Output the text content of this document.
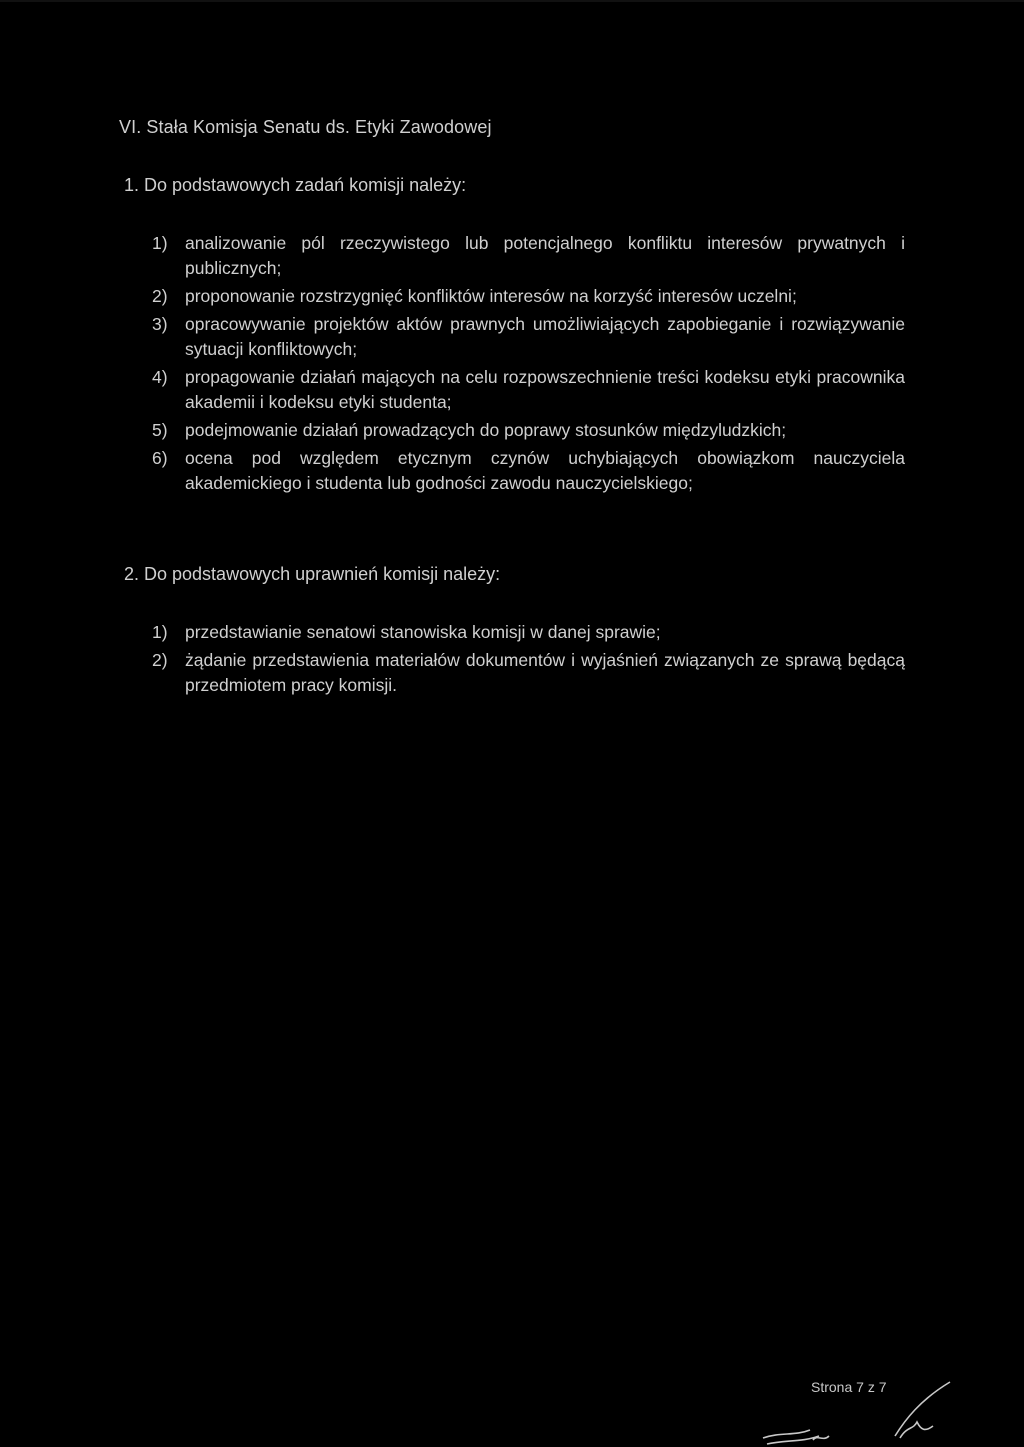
VI. Stała Komisja Senatu ds. Etyki Zawodowej
1. Do podstawowych zadań komisji należy:
1) analizowanie pól rzeczywistego lub potencjalnego konfliktu interesów prywatnych i publicznych;
2) proponowanie rozstrzygnięć konfliktów interesów na korzyść interesów uczelni;
3) opracowywanie projektów aktów prawnych umożliwiających zapobieganie i rozwiązywanie sytuacji konfliktowych;
4) propagowanie działań mających na celu rozpowszechnienie treści kodeksu etyki pracownika akademii i kodeksu etyki studenta;
5) podejmowanie działań prowadzących do poprawy stosunków międzyludzkich;
6) ocena pod względem etycznym czynów uchybiających obowiązkom nauczyciela akademickiego i studenta lub godności zawodu nauczycielskiego;
2. Do podstawowych uprawnień komisji należy:
1) przedstawianie senatowi stanowiska komisji w danej sprawie;
2) żądanie przedstawienia materiałów dokumentów i wyjaśnień związanych ze sprawą będącą przedmiotem pracy komisji.
Strona 7 z 7
